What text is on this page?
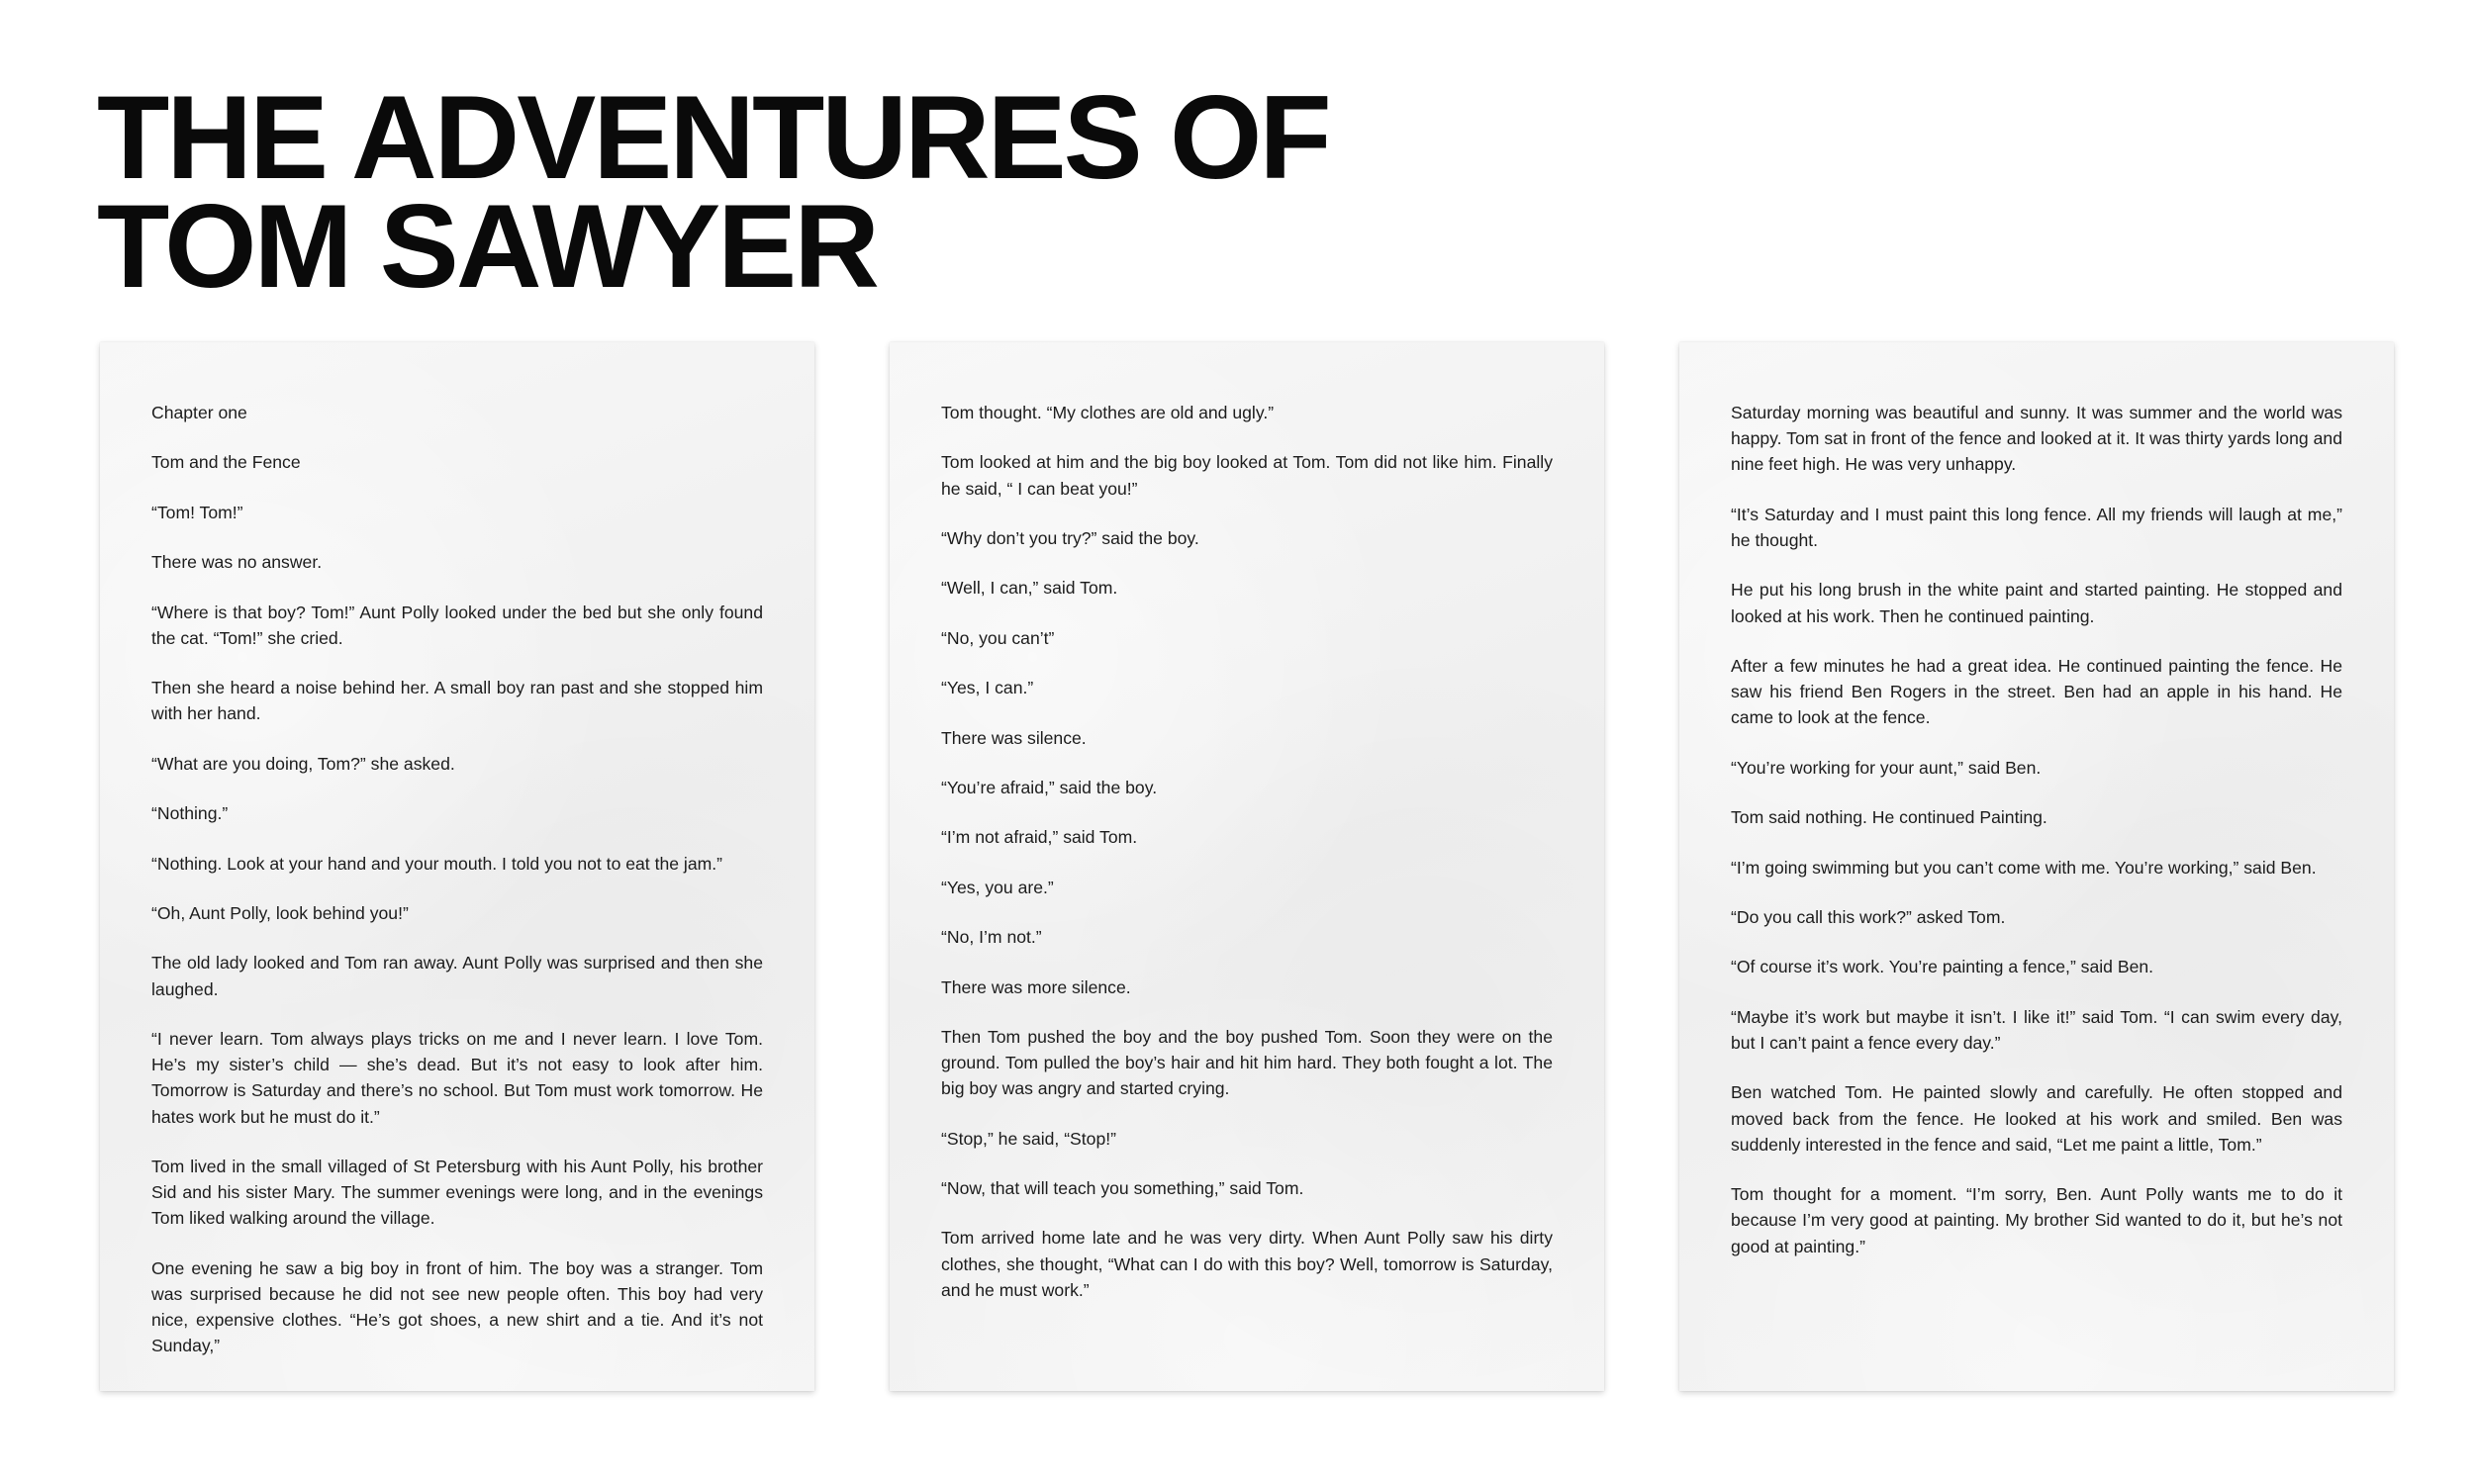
THE ADVENTURES OF
TOM SAWYER

Chapter one

Tom and the Fence

“Tom! Tom!”

There was no answer.

“Where is that boy? Tom!” Aunt Polly looked under the bed but she only found the cat. “Tom!” she cried.

Then she heard a noise behind her. A small boy ran past and she stopped him with her hand.

“What are you doing, Tom?” she asked.

“Nothing.”

“Nothing. Look at your hand and your mouth. I told you not to eat the jam.”

“Oh, Aunt Polly, look behind you!”

The old lady looked and Tom ran away. Aunt Polly was surprised and then she laughed.

“I never learn. Tom always plays tricks on me and I never learn. I love Tom. He’s my sister’s child — she’s dead. But it’s not easy to look after him. Tomorrow is Saturday and there’s no school. But Tom must work tomorrow. He hates work but he must do it.”

Tom lived in the small villaged of St Petersburg with his Aunt Polly, his brother Sid and his sister Mary. The summer evenings were long, and in the evenings Tom liked walking around the village.

One evening he saw a big boy in front of him. The boy was a stranger. Tom was surprised because he did not see new people often. This boy had very nice, expensive clothes. “He’s got shoes, a new shirt and a tie. And it’s not Sunday,”

Tom thought. “My clothes are old and ugly.”

Tom looked at him and the big boy looked at Tom. Tom did not like him. Finally he said, “ I can beat you!”

“Why don’t you try?” said the boy.

“Well, I can,” said Tom.

“No, you can’t”

“Yes, I can.”

There was silence.

“You’re afraid,” said the boy.

“I’m not afraid,” said Tom.

“Yes, you are.”

“No, I’m not.”

There was more silence.

Then Tom pushed the boy and the boy pushed Tom. Soon they were on the ground. Tom pulled the boy’s hair and hit him hard. They both fought a lot. The big boy was angry and started crying.

“Stop,” he said, “Stop!”

“Now, that will teach you something,” said Tom.

Tom arrived home late and he was very dirty. When Aunt Polly saw his dirty clothes, she thought, “What can I do with this boy? Well, tomorrow is Saturday, and he must work.”

Saturday morning was beautiful and sunny. It was summer and the world was happy. Tom sat in front of the fence and looked at it. It was thirty yards long and nine feet high. He was very unhappy.

“It’s Saturday and I must paint this long fence. All my friends will laugh at me,” he thought.

He put his long brush in the white paint and started painting. He stopped and looked at his work. Then he continued painting.

After a few minutes he had a great idea. He continued painting the fence. He saw his friend Ben Rogers in the street. Ben had an apple in his hand. He came to look at the fence.

“You’re working for your aunt,” said Ben.

Tom said nothing. He continued Painting.

“I’m going swimming but you can’t come with me. You’re working,” said Ben.

“Do you call this work?” asked Tom.

“Of course it’s work. You’re painting a fence,” said Ben.

“Maybe it’s work but maybe it isn’t. I like it!” said Tom. “I can swim every day, but I can’t paint a fence every day.”

Ben watched Tom. He painted slowly and carefully. He often stopped and moved back from the fence. He looked at his work and smiled. Ben was suddenly interested in the fence and said, “Let me paint a little, Tom.”

Tom thought for a moment. “I’m sorry, Ben. Aunt Polly wants me to do it because I’m very good at painting. My brother Sid wanted to do it, but he’s not good at painting.”
